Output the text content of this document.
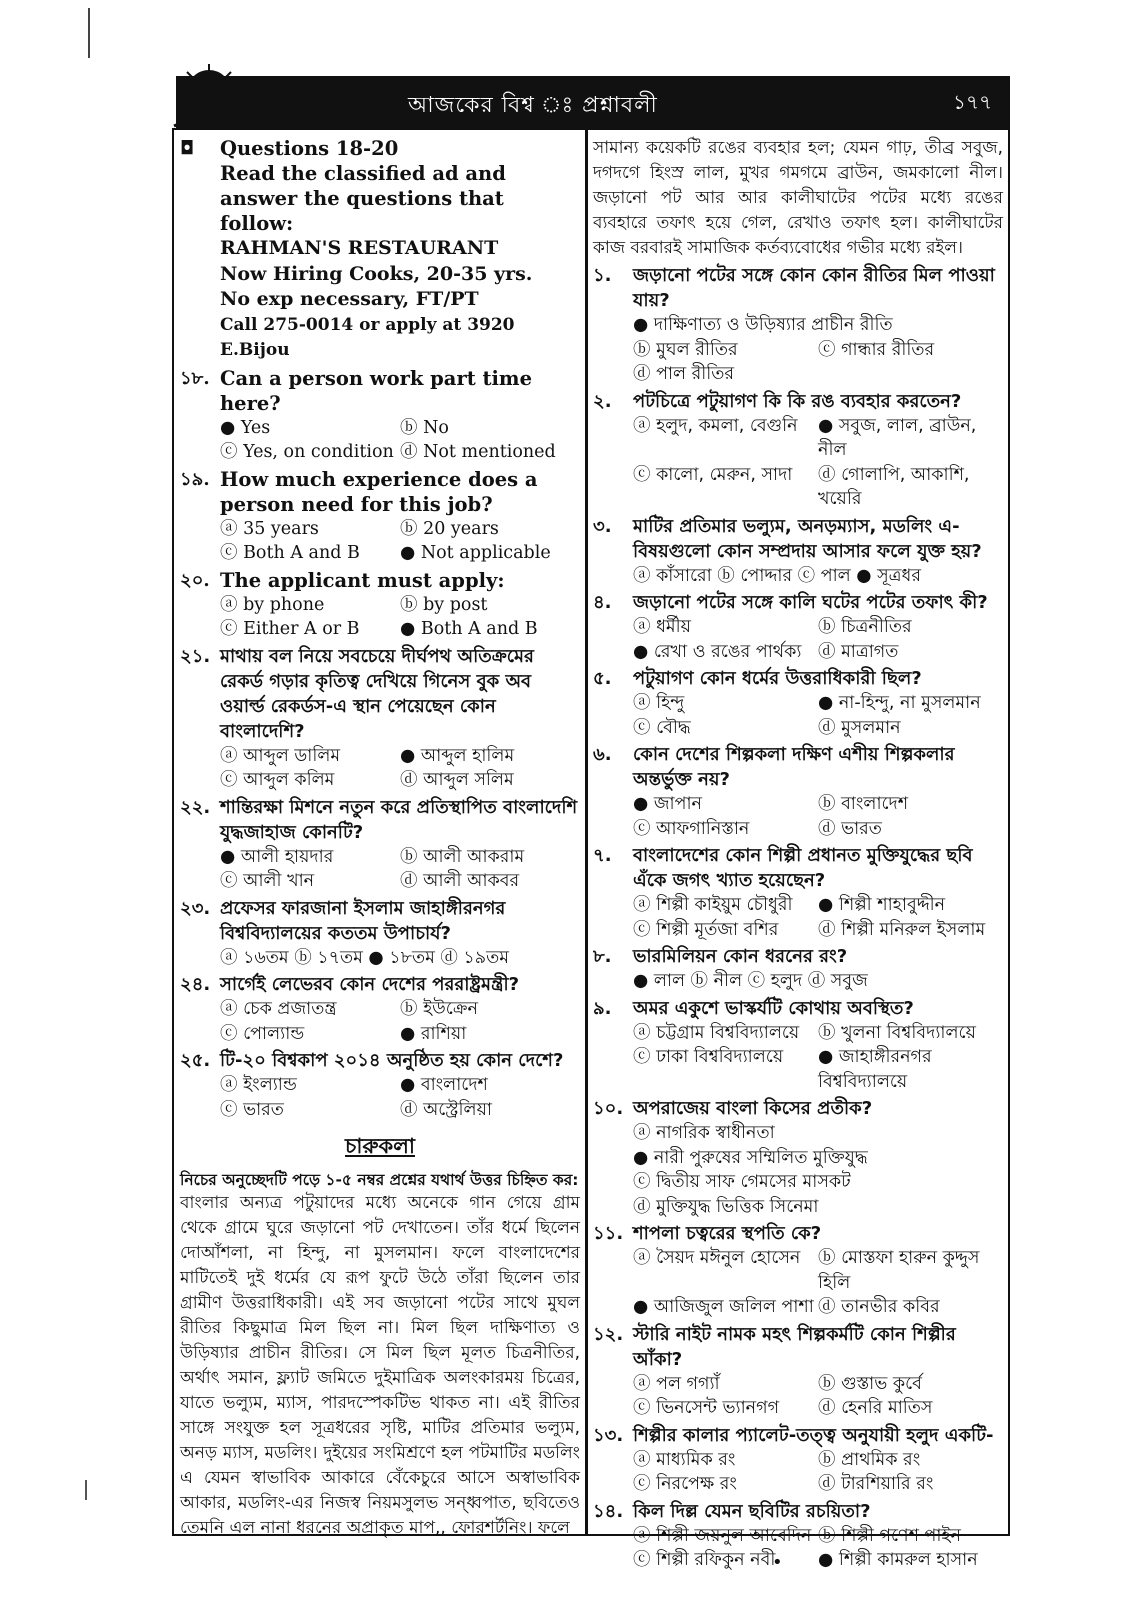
আজকের বিশ্ব ঃ প্রশ্নাবলী	১৭৭
◘ Questions 18-20
Read the classified ad and answer the questions that follow:
RAHMAN'S RESTAURANT
Now Hiring Cooks, 20-35 yrs.
No exp necessary, FT/PT
Call 275-0014 or apply at 3920 E.Bijou
১৮. Can a person work part time here?
● Yes	ⓑ No
ⓒ Yes, on condition ⓓ Not mentioned
১৯. How much experience does a person need for this job?
ⓐ 35 years	ⓑ 20 years
ⓒ Both A and B	● Not applicable
২০. The applicant must apply:
ⓐ by phone	ⓑ by post
ⓒ Either A or B	● Both A and B
২১. মাথায় বল নিয়ে সবচেয়ে দীর্ঘপথ অতিক্রমের রেকর্ড গড়ার কৃতিত্ব দেখিয়ে গিনেস বুক অব ওয়ার্ল্ড রেকর্ডস-এ স্থান পেয়েছেন কোন বাংলাদেশি?
ⓐ আব্দুল ডালিম	● আব্দুল হালিম
ⓒ আব্দুল কলিম	ⓓ আব্দুল সলিম
২২. শান্তিরক্ষা মিশনে নতুন করে প্রতিস্থাপিত বাংলাদেশি যুদ্ধজাহাজ কোনটি?
● আলী হায়দার	ⓑ আলী আকরাম
ⓒ আলী খান	ⓓ আলী আকবর
২৩. প্রফেসর ফারজানা ইসলাম জাহাঙ্গীরনগর বিশ্ববিদ্যালয়ের কততম উপাচার্য?
ⓐ ১৬তম ⓑ ১৭তম ● ১৮তম ⓓ ১৯তম
২৪. সার্গেই লেভেরব কোন দেশের পররাষ্ট্রমন্ত্রী?
ⓐ চেক প্রজাতন্ত্র	ⓑ ইউক্রেন
ⓒ পোল্যান্ড	● রাশিয়া
২৫. টি-২০ বিশ্বকাপ ২০১৪ অনুষ্ঠিত হয় কোন দেশে?
ⓐ ইংল্যান্ড	● বাংলাদেশ
ⓒ ভারত	ⓓ অস্ট্রেলিয়া
চারুকলা
নিচের অনুচ্ছেদটি পড়ে ১-৫ নম্বর প্রশ্নের যথার্থ উত্তর চিহ্নিত কর:
বাংলার অন্যত্র পটুয়াদের মধ্যে অনেকে গান গেয়ে গ্রাম থেকে গ্রামে ঘুরে জড়ানো পট দেখাতেন। তাঁর ধর্মে ছিলেন দোআঁশলা, না হিন্দু, না মুসলমান। ফলে বাংলাদেশের মাটিতেই দুই ধর্মের যে রূপ ফুটে উঠে তাঁরা ছিলেন তার গ্রামীণ উত্তরাধিকারী। এই সব জড়ানো পটের সাথে মুঘল রীতির কিছুমাত্র মিল ছিল না। মিল ছিল দাক্ষিণাত্য ও উড়িষ্যার প্রাচীন রীতির। সে মিল ছিল মূলত চিত্রনীতির, অর্থাৎ সমান, ফ্ল্যাট জমিতে দুইমাত্রিক অলংকারময় চিত্রের, যাতে ভল্যুম, ম্যাস, পারদস্পেকটিভ থাকত না। এই রীতির সাঙ্গে সংযুক্ত হল সূত্রধরের সৃষ্টি, মাটির প্রতিমার ভল্যুম, অনড় ম্যাস, মডলিং। দুইয়ের সংমিশ্রণে হল পটমাটির মডলিং এ যেমন স্বাভাবিক আকারে বেঁকেচুরে আসে অস্বাভাবিক আকার, মডলিং-এর নিজস্ব নিয়মসুলভ সন্ধ্বপাত, ছবিতেও তেমনি এল নানা ধরনের অপ্রাকৃত মাপ,, ফোরশর্টনিং। ফলে
সামান্য কয়েকটি রঙের ব্যবহার হল; যেমন গাঢ়, তীব্র সবুজ, দগদগে হিংস্র লাল, মুখর গমগমে ব্রাউন, জমকালো নীল। জড়ানো পট আর আর কালীঘাটের পটের মধ্যে রঙের ব্যবহারে তফাৎ হয়ে গেল, রেখাও তফাৎ হল। কালীঘাটের কাজ বরবারই সামাজিক কর্তব্যবোধের গভীর মধ্যে রইল।
১. জড়ানো পটের সঙ্গে কোন কোন রীতির মিল পাওয়া যায়?
● দাক্ষিণাত্য ও উড়িষ্যার প্রাচীন রীতি
ⓑ মুঘল রীতির	ⓒ গান্ধার রীতির
ⓓ পাল রীতির
২. পটচিত্রে পটুয়াগণ কি কি রঙ ব্যবহার করতেন?
ⓐ হলুদ, কমলা, বেগুনি	● সবুজ, লাল, ব্রাউন, নীল
ⓒ কালো, মেরুন, সাদা	ⓓ গোলাপি, আকাশি, খয়েরি
৩. মাটির প্রতিমার ভল্যুম, অনড়ম্যাস, মডলিং এ-বিষয়গুলো কোন সম্প্রদায় আসার ফলে যুক্ত হয়?
ⓐ কাঁসারো ⓑ পোদ্দার ⓒ পাল ● সূত্রধর
৪. জড়ানো পটের সঙ্গে কালি ঘটের পটের তফাৎ কী?
ⓐ ধর্মীয়	ⓑ চিত্রনীতির
● রেখা ও রঙের পার্থক্য ⓓ মাত্রাগত
৫. পটুয়াগণ কোন ধর্মের উত্তরাধিকারী ছিল?
ⓐ হিন্দু	● না-হিন্দু, না মুসলমান
ⓒ বৌদ্ধ	ⓓ মুসলমান
৬. কোন দেশের শিল্পকলা দক্ষিণ এশীয় শিল্পকলার অন্তর্ভুক্ত নয়?
● জাপান	ⓑ বাংলাদেশ
ⓒ আফগানিস্তান	ⓓ ভারত
৭. বাংলাদেশের কোন শিল্পী প্রধানত মুক্তিযুদ্ধের ছবি এঁকে জগৎ খ্যাত হয়েছেন?
ⓐ শিল্পী কাইয়ুম চৌধুরী	● শিল্পী শাহাবুদ্দীন
ⓒ শিল্পী মূর্তজা বশির	ⓓ শিল্পী মনিরুল ইসলাম
৮. ভারমিলিয়ন কোন ধরনের রং?
● লাল ⓑ নীল ⓒ হলুদ ⓓ সবুজ
৯. অমর একুশে ভাস্কর্যটি কোথায় অবস্থিত?
ⓐ চট্টগ্রাম বিশ্ববিদ্যালয়ে	ⓑ খুলনা বিশ্ববিদ্যালয়ে
ⓒ ঢাকা বিশ্ববিদ্যালয়ে	● জাহাঙ্গীরনগর বিশ্ববিদ্যালয়ে
১০. অপরাজেয় বাংলা কিসের প্রতীক?
ⓐ নাগরিক স্বাধীনতা
● নারী পুরুষের সম্মিলিত মুক্তিযুদ্ধ
ⓒ দ্বিতীয় সাফ গেমসের মাসকট
ⓓ মুক্তিযুদ্ধ ভিত্তিক সিনেমা
১১. শাপলা চত্বরের স্থপতি কে?
ⓐ সৈয়দ মঈনুল হোসেন	ⓑ মোস্তফা হারুন কুদ্দুস হিলি
● আজিজুল জলিল পাশা ⓓ তানভীর কবির
১২. স্টারি নাইট নামক মহৎ শিল্পকর্মটি কোন শিল্পীর আঁকা?
ⓐ পল গগ্যাঁ	ⓑ গুস্তাভ কুর্বে
ⓒ ভিনসেন্ট ভ্যানগগ	ⓓ হেনরি মাতিস
১৩. শিল্পীর কালার প্যালেট-তত্ত্ব অনুযায়ী হলুদ একটি-
ⓐ মাধ্যমিক রং	ⓑ প্রাথমিক রং
ⓒ নিরপেক্ষ রং	ⓓ টারশিয়ারি রং
১৪. কিল দিল্ল যেমন ছবিটির রচয়িতা?
ⓐ শিল্পী জয়নুল আবেদিন ⓑ শিল্পী গণেশ পাইন
ⓒ শিল্পী রফিকুন নবী	● শিল্পী কামরুল হাসান
•
